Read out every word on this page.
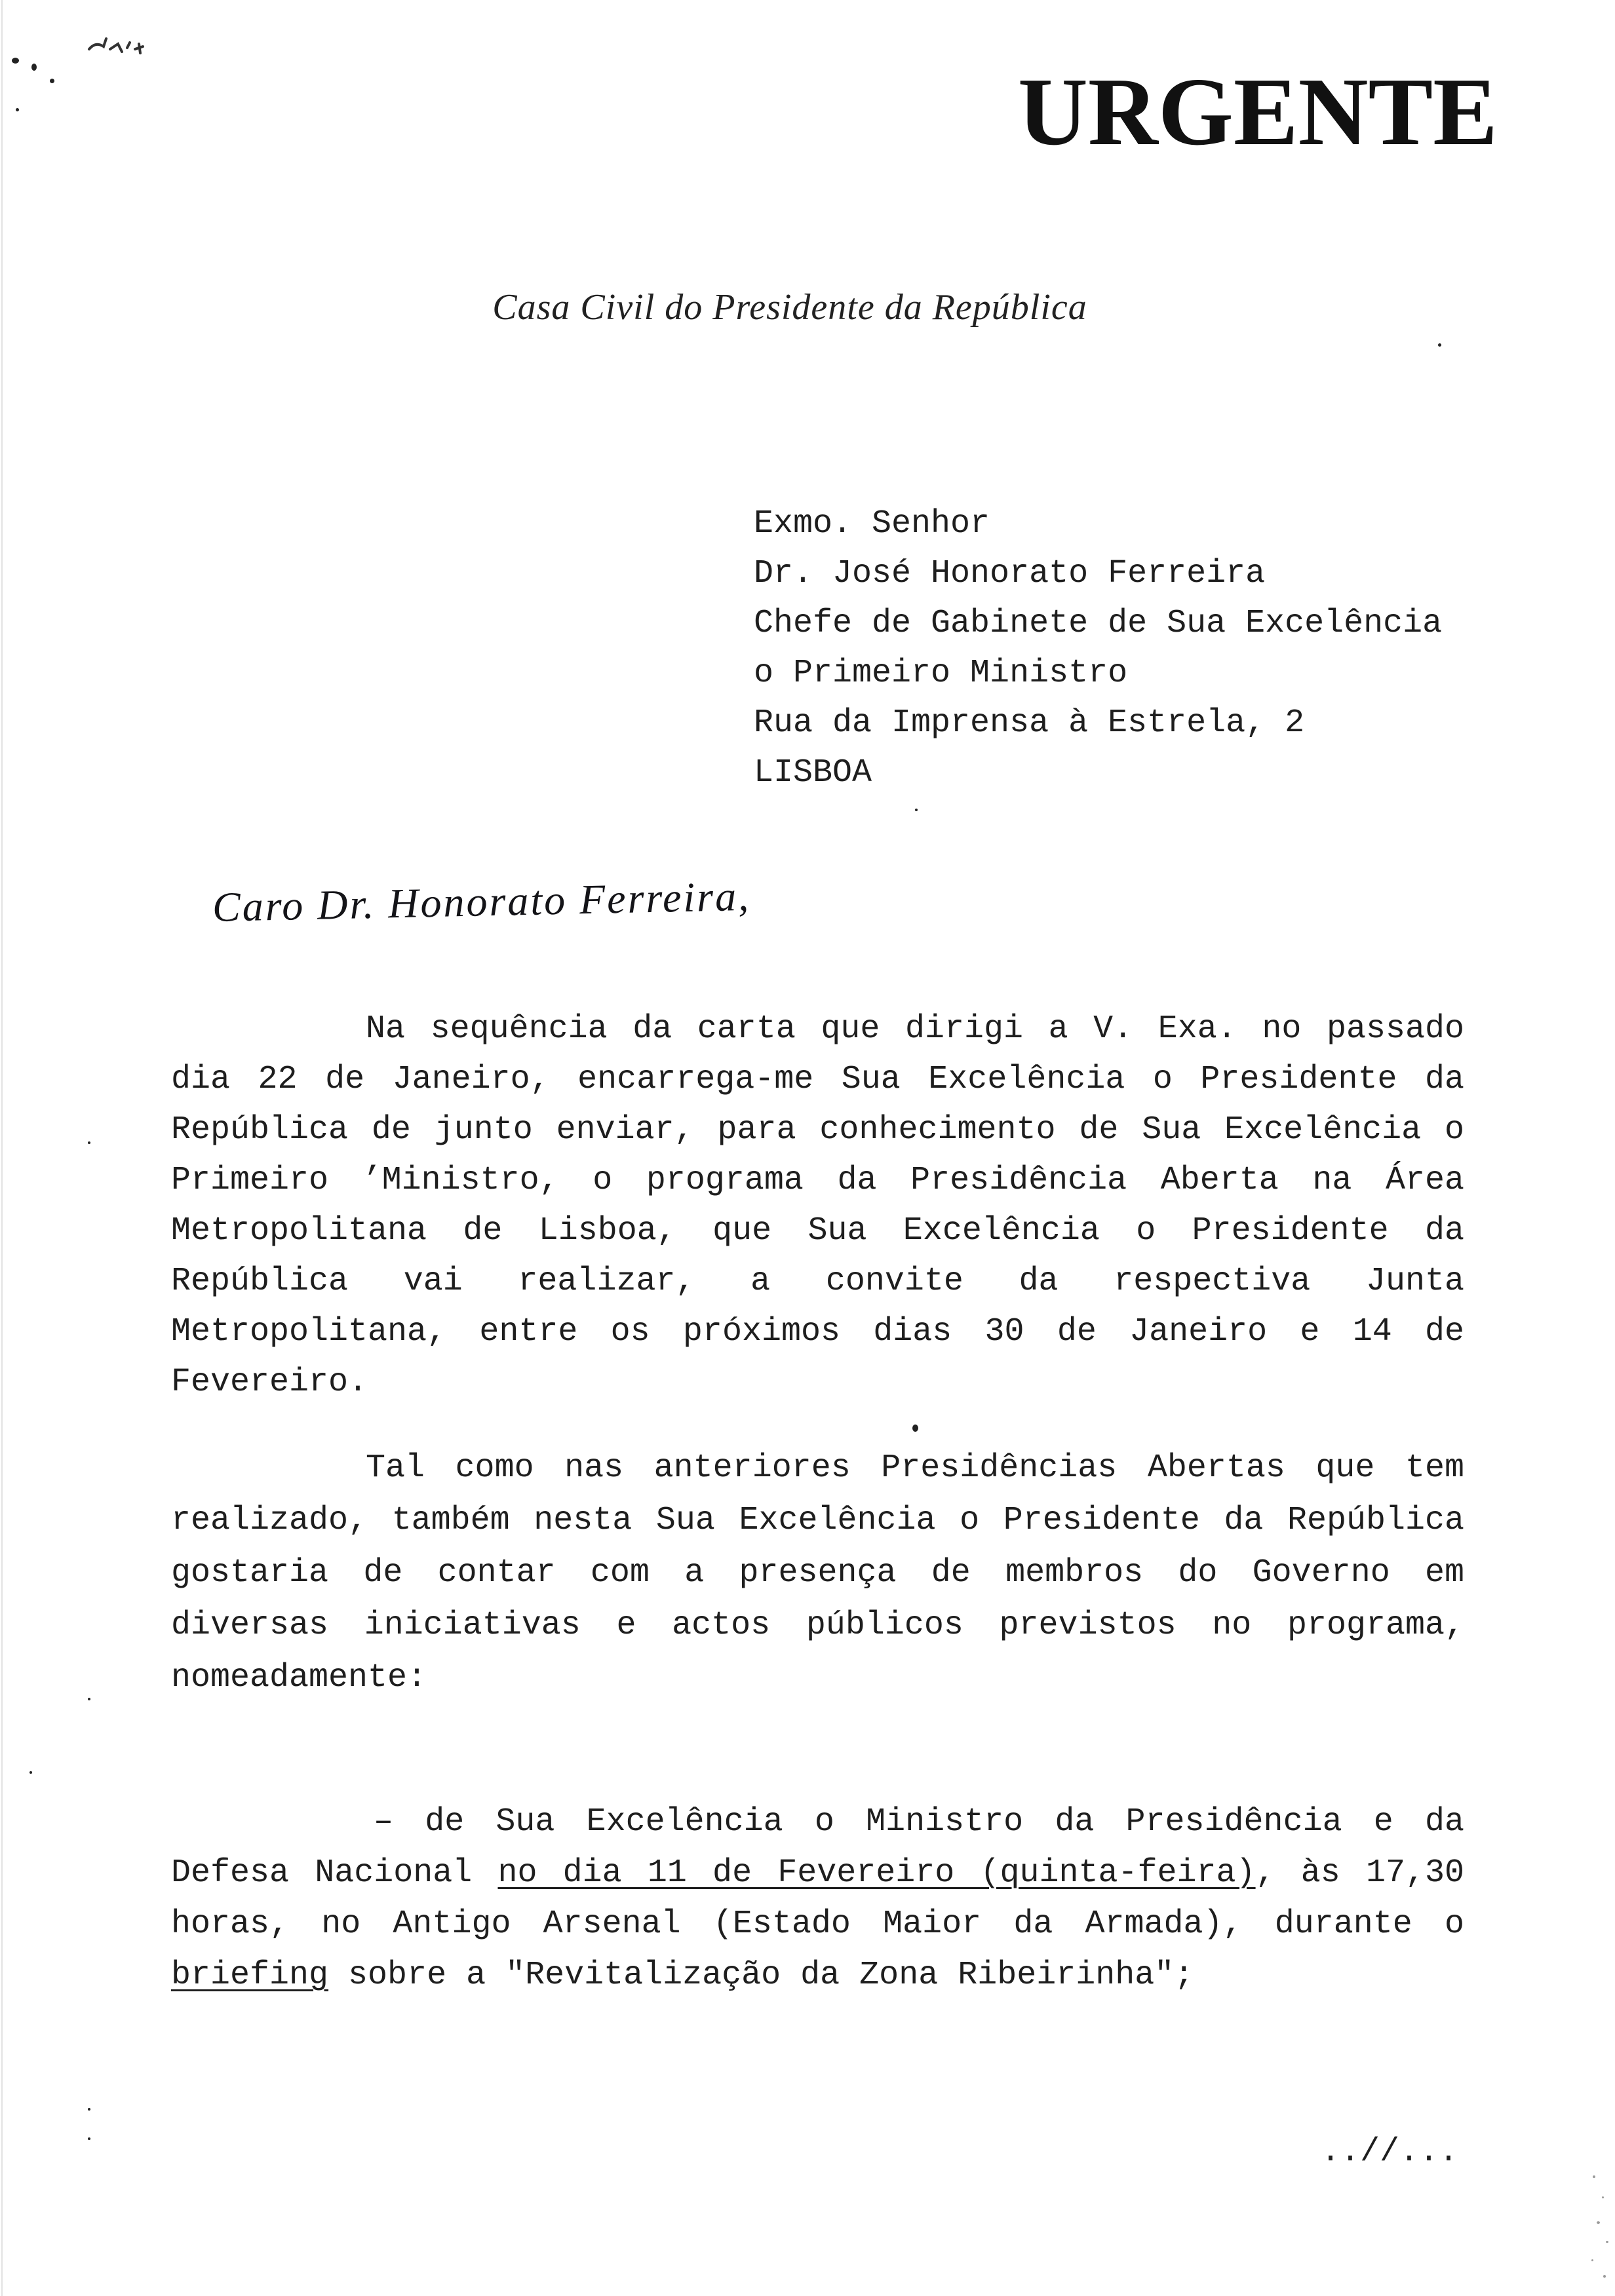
URGENTE
Casa Civil do Presidente da República
Exmo. Senhor
Dr. José Honorato Ferreira
Chefe de Gabinete de Sua Excelência
o Primeiro Ministro
Rua da Imprensa à Estrela, 2
LISBOA
Caro Dr. Honorato Ferreira,
Na sequência da carta que dirigi a V. Exa. no passado
dia 22 de Janeiro, encarrega-me Sua Excelência o Presidente da
República de junto enviar, para conhecimento de Sua Excelência o
Primeiro ’Ministro, o programa da Presidência Aberta na Área
Metropolitana de Lisboa, que Sua Excelência o Presidente da
República vai realizar, a convite da respectiva Junta
Metropolitana, entre os próximos dias 30 de Janeiro e 14 de
Fevereiro.
Tal como nas anteriores Presidências Abertas que tem
realizado, também nesta Sua Excelência o Presidente da República
gostaria de contar com a presença de membros do Governo em
diversas iniciativas e actos públicos previstos no programa,
nomeadamente:
– de Sua Excelência o Ministro da Presidência e da
Defesa Nacional no dia 11 de Fevereiro (quinta-feira), às 17,30
horas, no Antigo Arsenal (Estado Maior da Armada), durante o
briefing sobre a "Revitalização da Zona Ribeirinha";
..//...
